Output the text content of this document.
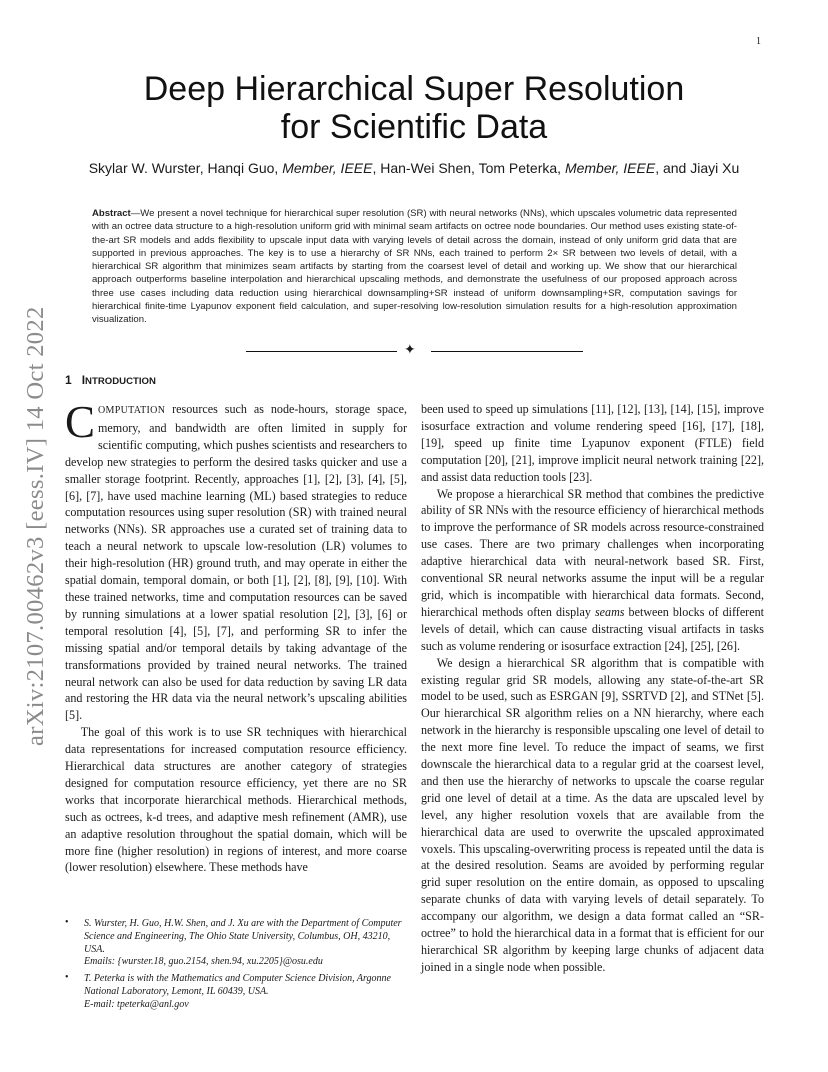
1
Deep Hierarchical Super Resolution
for Scientific Data
Skylar W. Wurster, Hanqi Guo, Member, IEEE, Han-Wei Shen, Tom Peterka, Member, IEEE, and Jiayi Xu
Abstract—We present a novel technique for hierarchical super resolution (SR) with neural networks (NNs), which upscales volumetric data represented with an octree data structure to a high-resolution uniform grid with minimal seam artifacts on octree node boundaries. Our method uses existing state-of-the-art SR models and adds flexibility to upscale input data with varying levels of detail across the domain, instead of only uniform grid data that are supported in previous approaches. The key is to use a hierarchy of SR NNs, each trained to perform 2× SR between two levels of detail, with a hierarchical SR algorithm that minimizes seam artifacts by starting from the coarsest level of detail and working up. We show that our hierarchical approach outperforms baseline interpolation and hierarchical upscaling methods, and demonstrate the usefulness of our proposed approach across three use cases including data reduction using hierarchical downsampling+SR instead of uniform downsampling+SR, computation savings for hierarchical finite-time Lyapunov exponent field calculation, and super-resolving low-resolution simulation results for a high-resolution approximation visualization.
✦
arXiv:2107.00462v3 [eess.IV] 14 Oct 2022 1 INTRODUCTION

COMPUTATION resources such as node-hours, storage space, memory, and bandwidth are often limited in supply for scientific computing, which pushes scientists and researchers to develop new strategies to perform the desired tasks quicker and use a smaller storage footprint. Recently, approaches [1], [2], [3], [4], [5], [6], [7], have used machine learning (ML) based strategies to reduce computation resources using super resolution (SR) with trained neural networks (NNs). SR approaches use a curated set of training data to teach a neural network to upscale low-resolution (LR) volumes to their high-resolution (HR) ground truth, and may operate in either the spatial domain, temporal domain, or both [1], [2], [8], [9], [10]. With these trained networks, time and computation resources can be saved by running simulations at a lower spatial resolution [2], [3], [6] or temporal resolution [4], [5], [7], and performing SR to infer the missing spatial and/or temporal details by taking advantage of the transformations provided by trained neural networks. The trained neural network can also be used for data reduction by saving LR data and restoring the HR data via the neural network’s upscaling abilities [5].

The goal of this work is to use SR techniques with hierarchical data representations for increased computation resource efficiency. Hierarchical data structures are another category of strategies designed for computation resource efficiency, yet there are no SR works that incorporate hierarchical methods. Hierarchical methods, such as octrees, k-d trees, and adaptive mesh refinement (AMR), use an adaptive resolution throughout the spatial domain, which will be more fine (higher resolution) in regions of interest, and more coarse (lower resolution) elsewhere. These methods have

• S. Wurster, H. Guo, H.W. Shen, and J. Xu are with the Department of Computer Science and Engineering, The Ohio State University, Columbus, OH, 43210, USA.
Emails: {wurster.18, guo.2154, shen.94, xu.2205}@osu.edu
• T. Peterka is with the Mathematics and Computer Science Division, Argonne National Laboratory, Lemont, IL 60439, USA.
E-mail: tpeterka@anl.gov

been used to speed up simulations [11], [12], [13], [14], [15], improve isosurface extraction and volume rendering speed [16], [17], [18], [19], speed up finite time Lyapunov exponent (FTLE) field computation [20], [21], improve implicit neural network training [22], and assist data reduction tools [23].

We propose a hierarchical SR method that combines the predictive ability of SR NNs with the resource efficiency of hierarchical methods to improve the performance of SR models across resource-constrained use cases. There are two primary challenges when incorporating adaptive hierarchical data with neural-network based SR. First, conventional SR neural networks assume the input will be a regular grid, which is incompatible with hierarchical data formats. Second, hierarchical methods often display seams between blocks of different levels of detail, which can cause distracting visual artifacts in tasks such as volume rendering or isosurface extraction [24], [25], [26].

We design a hierarchical SR algorithm that is compatible with existing regular grid SR models, allowing any state-of-the-art SR model to be used, such as ESRGAN [9], SSRTVD [2], and STNet [5]. Our hierarchical SR algorithm relies on a NN hierarchy, where each network in the hierarchy is responsible upscaling one level of detail to the next more fine level. To reduce the impact of seams, we first downscale the hierarchical data to a regular grid at the coarsest level, and then use the hierarchy of networks to upscale the coarse regular grid one level of detail at a time. As the data are upscaled level by level, any higher resolution voxels that are available from the hierarchical data are used to overwrite the upscaled approximated voxels. This upscaling-overwriting process is repeated until the data is at the desired resolution. Seams are avoided by performing regular grid super resolution on the entire domain, as opposed to upscaling separate chunks of data with varying levels of detail separately. To accompany our algorithm, we design a data format called an “SR-octree” to hold the hierarchical data in a format that is efficient for our hierarchical SR algorithm by keeping large chunks of adjacent data joined in a single node when possible.
